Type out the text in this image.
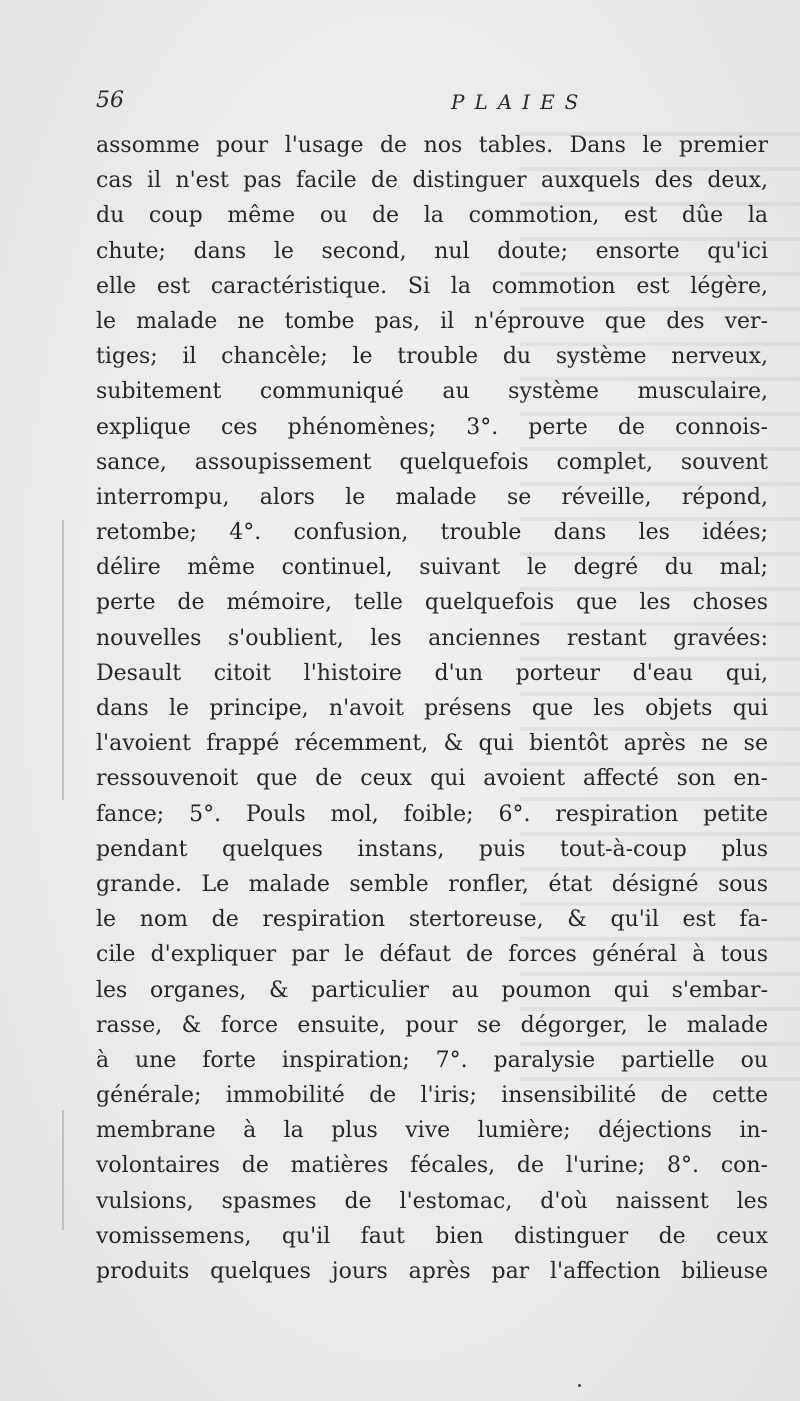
56	PLAIES
assomme pour l'usage de nos tables. Dans le premier
cas il n'est pas facile de distinguer auxquels des deux,
du coup même ou de la commotion, est dûe la
chute; dans le second, nul doute; ensorte qu'ici
elle est caractéristique. Si la commotion est légère,
le malade ne tombe pas, il n'éprouve que des ver-
tiges; il chancèle; le trouble du système nerveux,
subitement communiqué au système musculaire,
explique ces phénomènes; 3°. perte de connois-
sance, assoupissement quelquefois complet, souvent
interrompu, alors le malade se réveille, répond,
retombe; 4°. confusion, trouble dans les idées;
délire même continuel, suivant le degré du mal;
perte de mémoire, telle quelquefois que les choses
nouvelles s'oublient, les anciennes restant gravées:
Desault citoit l'histoire d'un porteur d'eau qui,
dans le principe, n'avoit présens que les objets qui
l'avoient frappé récemment, & qui bientôt après ne se
ressouvenoit que de ceux qui avoient affecté son en-
fance; 5°. Pouls mol, foible; 6°. respiration petite
pendant quelques instans, puis tout-à-coup plus
grande. Le malade semble ronfler, état désigné sous
le nom de respiration stertoreuse, & qu'il est fa-
cile d'expliquer par le défaut de forces général à tous
les organes, & particulier au poumon qui s'embar-
rasse, & force ensuite, pour se dégorger, le malade
à une forte inspiration; 7°. paralysie partielle ou
générale; immobilité de l'iris; insensibilité de cette
membrane à la plus vive lumière; déjections in-
volontaires de matières fécales, de l'urine; 8°. con-
vulsions, spasmes de l'estomac, d'où naissent les
vomissemens, qu'il faut bien distinguer de ceux
produits quelques jours après par l'affection bilieuse
